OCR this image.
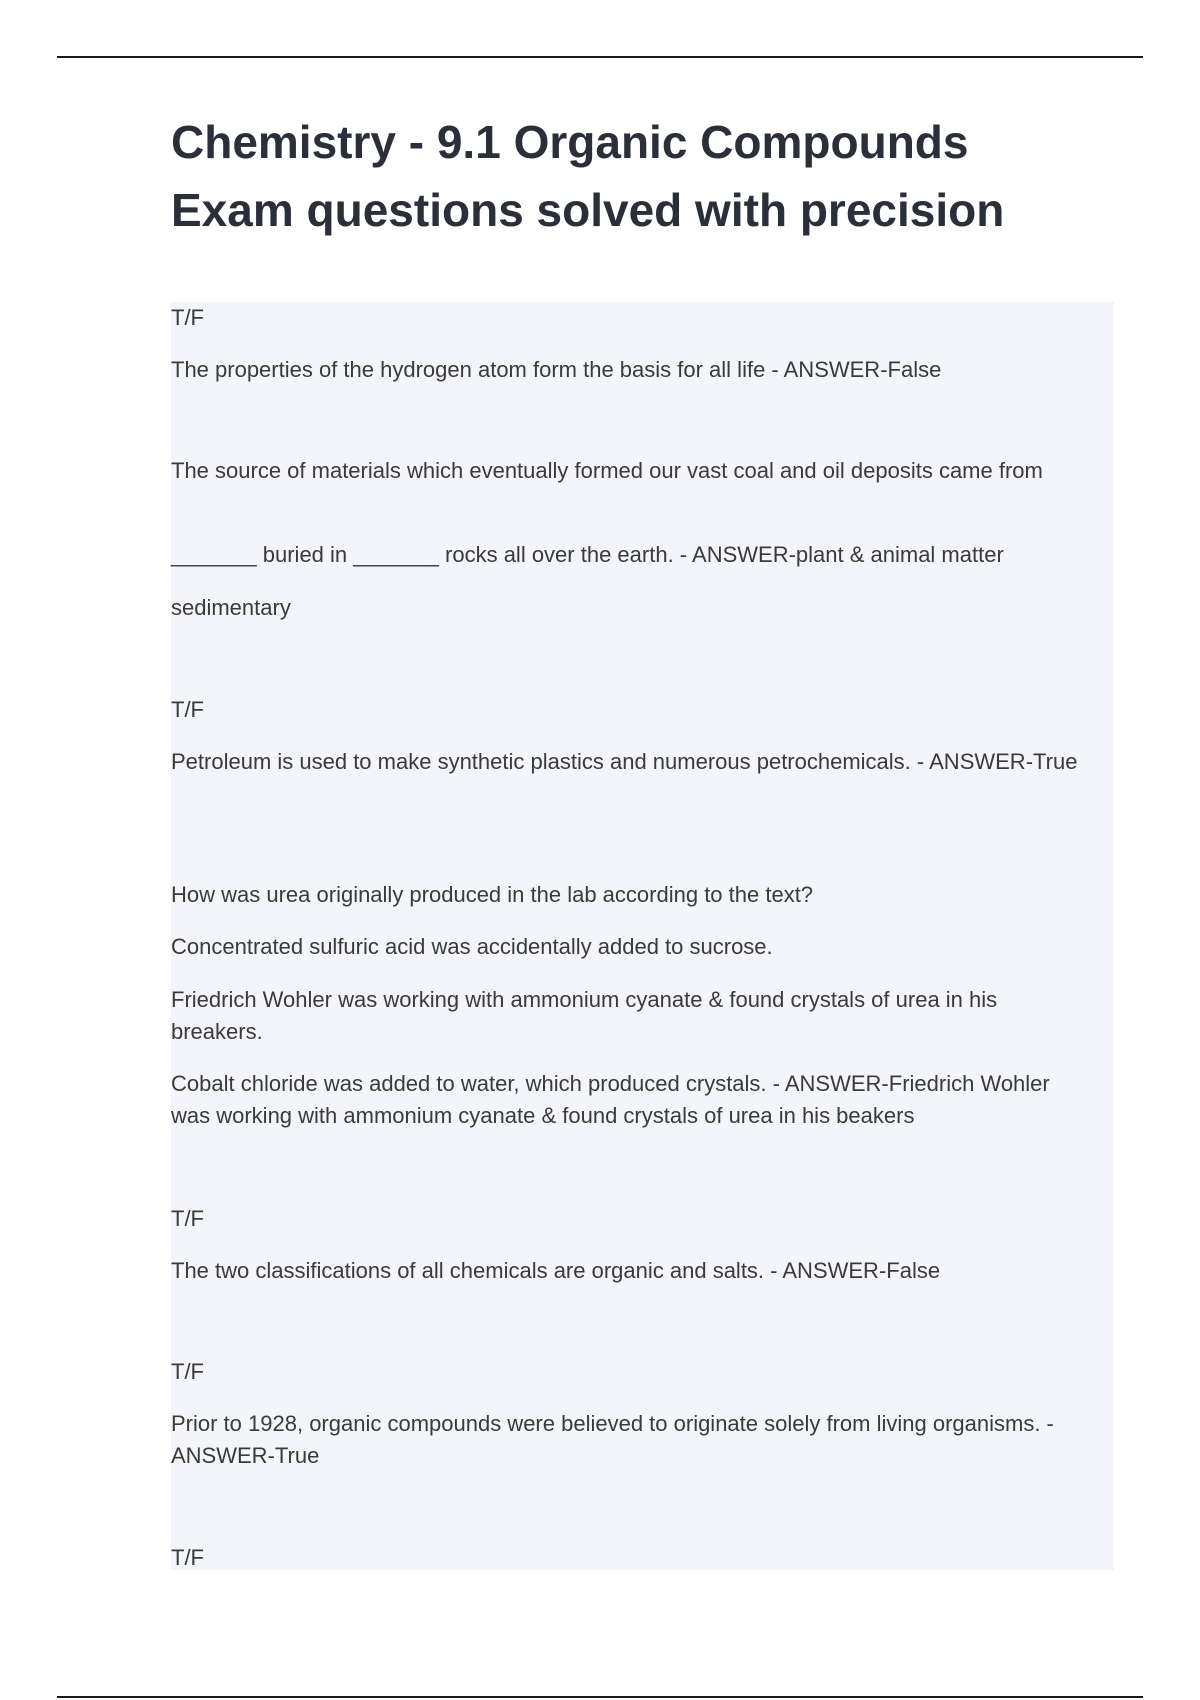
Chemistry - 9.1 Organic Compounds
Exam questions solved with precision

T/F

The properties of the hydrogen atom form the basis for all life - ANSWER-False

The source of materials which eventually formed our vast coal and oil deposits came from

_______ buried in _______ rocks all over the earth. - ANSWER-plant & animal matter

sedimentary

T/F

Petroleum is used to make synthetic plastics and numerous petrochemicals. - ANSWER-True

How was urea originally produced in the lab according to the text?

Concentrated sulfuric acid was accidentally added to sucrose.

Friedrich Wohler was working with ammonium cyanate & found crystals of urea in his breakers.

Cobalt chloride was added to water, which produced crystals. - ANSWER-Friedrich Wohler was working with ammonium cyanate & found crystals of urea in his beakers

T/F

The two classifications of all chemicals are organic and salts. - ANSWER-False

T/F

Prior to 1928, organic compounds were believed to originate solely from living organisms. - ANSWER-True

T/F
